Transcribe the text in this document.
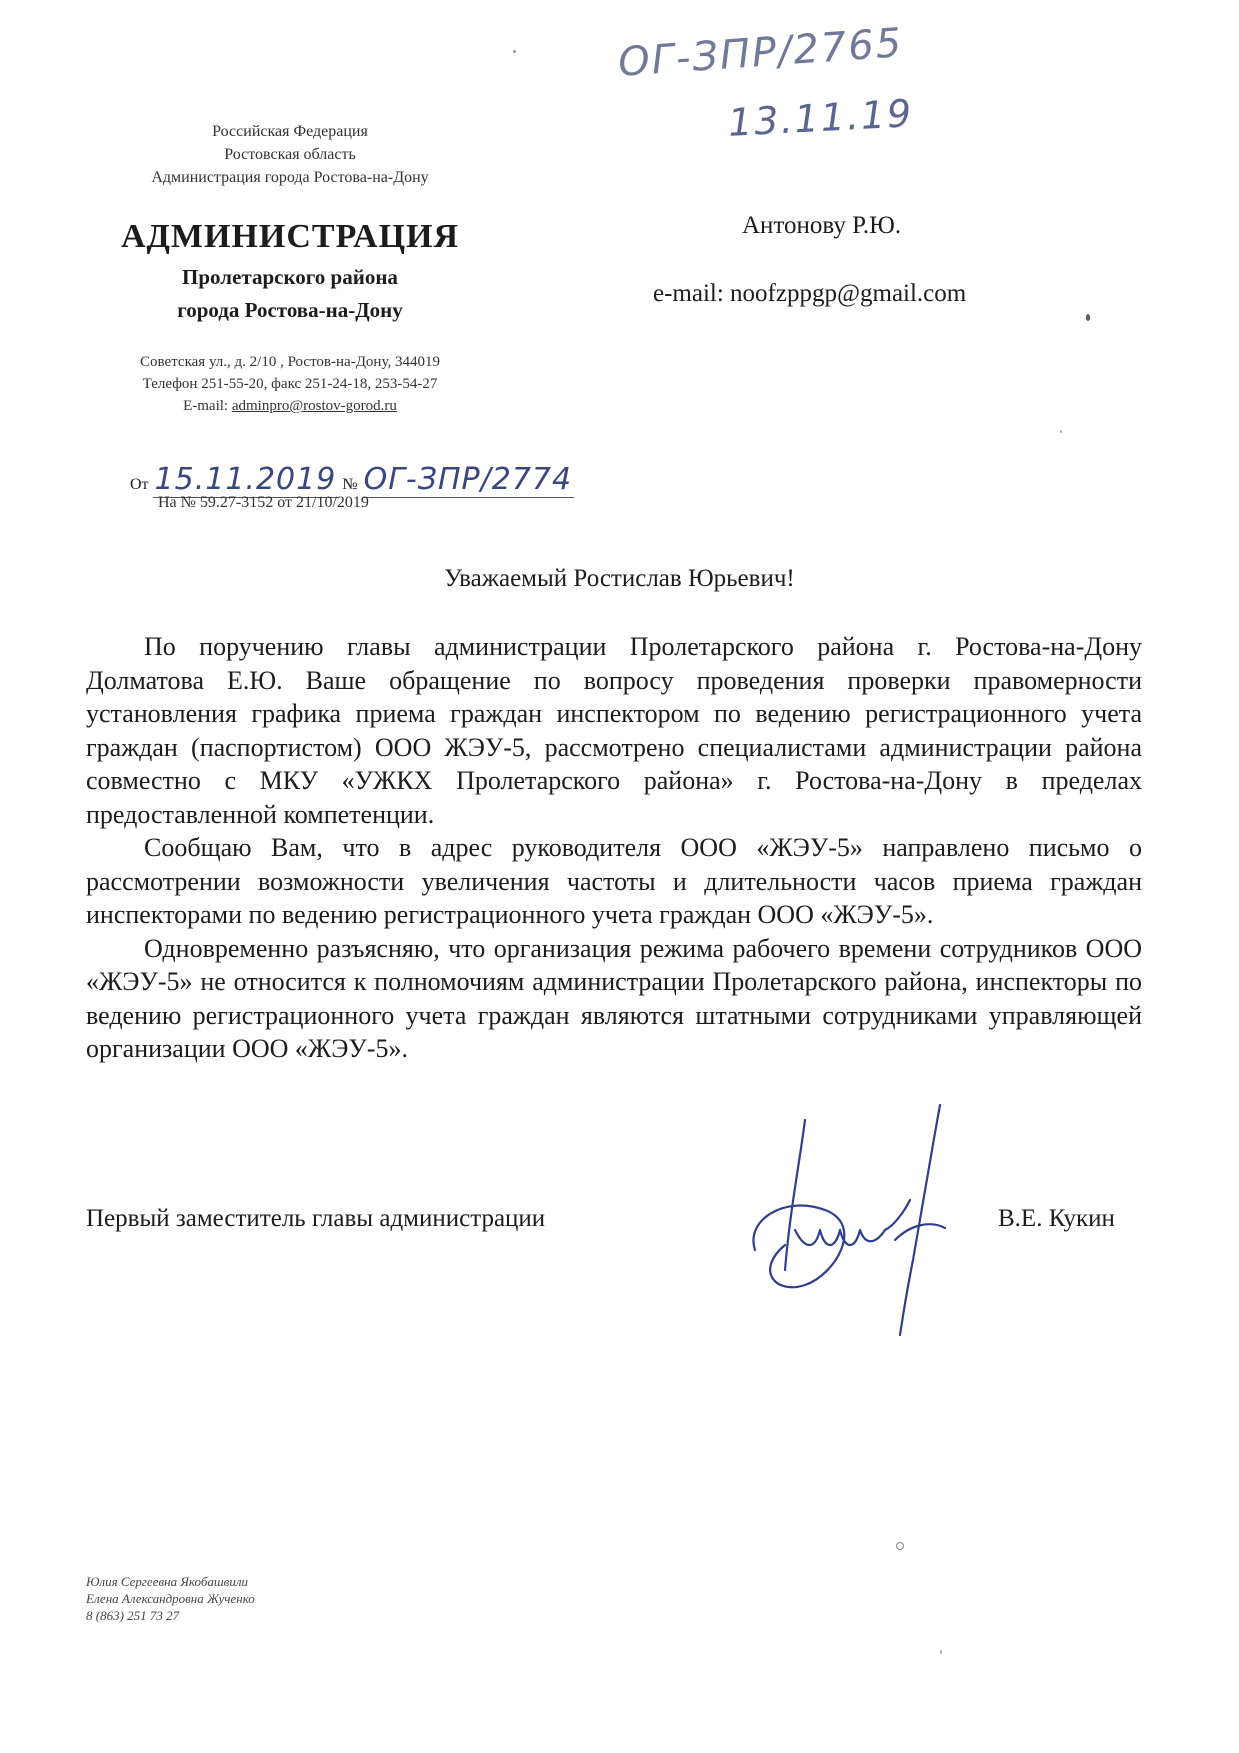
ОГ-ЗПР/2765
13.11.19
Российская Федерация
Ростовская область
Администрация города Ростова-на-Дону
АДМИНИСТРАЦИЯ
Пролетарского района
города Ростова-на-Дону
Советская ул., д. 2/10 , Ростов-на-Дону, 344019
Телефон 251-55-20, факс 251-24-18, 253-54-27
E-mail: adminpro@rostov-gorod.ru
От 15.11.2019 № ОГ-ЗПР/2774
На № 59.27-3152 от 21/10/2019
Антонову Р.Ю.
e-mail: noofzppgp@gmail.com
Уважаемый Ростислав Юрьевич!

По поручению главы администрации Пролетарского района г. Ростова-на-Дону Долматова Е.Ю. Ваше обращение по вопросу проведения проверки правомерности установления графика приема граждан инспектором по ведению регистрационного учета граждан (паспортистом) ООО ЖЭУ-5, рассмотрено специалистами администрации района совместно с МКУ «УЖКХ Пролетарского района» г. Ростова-на-Дону в пределах предоставленной компетенции.

Сообщаю Вам, что в адрес руководителя ООО «ЖЭУ-5» направлено письмо о рассмотрении возможности увеличения частоты и длительности часов приема граждан инспекторами по ведению регистрационного учета граждан ООО «ЖЭУ-5».

Одновременно разъясняю, что организация режима рабочего времени сотрудников ООО «ЖЭУ-5» не относится к полномочиям администрации Пролетарского района, инспекторы по ведению регистрационного учета граждан являются штатными сотрудниками управляющей организации ООО «ЖЭУ-5».

Первый заместитель главы администрации	В.Е. Кукин
Юлия Сергеевна Якобашвили
Елена Александровна Жученко
8 (863) 251 73 27
